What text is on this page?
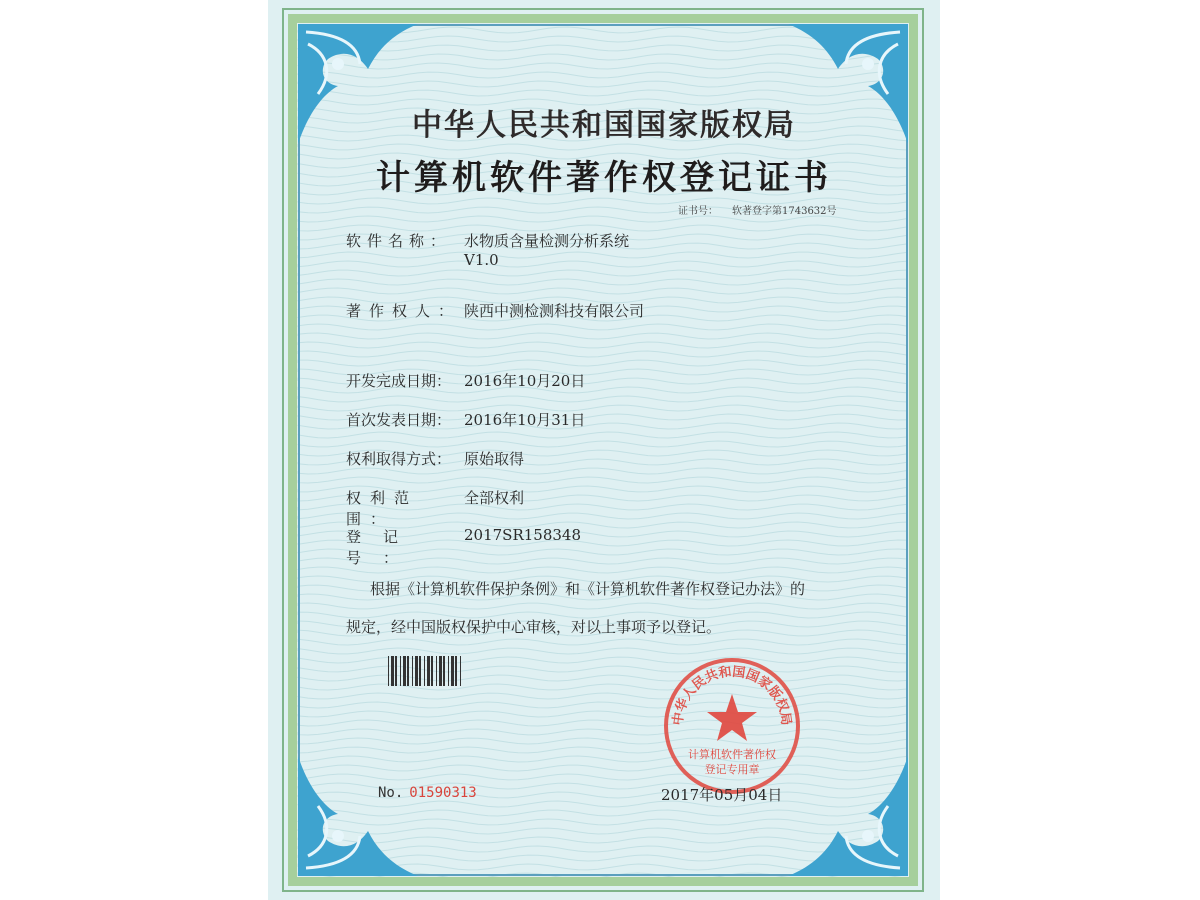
中华人民共和国国家版权局
计算机软件著作权登记证书
证书号： 软著登字第1743632号
软件名称： 水物质含量检测分析系统
V1.0
著作权人： 陕西中测检测科技有限公司
开发完成日期： 2016年10月20日
首次发表日期： 2016年10月31日
权利取得方式： 原始取得
权利范围：全部权利
登记号：2017SR158348
根据《计算机软件保护条例》和《计算机软件著作权登记办法》的
规定，经中国版权保护中心审核，对以上事项予以登记。
中华人民共和国国家版权局
计算机软件著作权
登记专用章
No. 01590313	2017年05月04日
